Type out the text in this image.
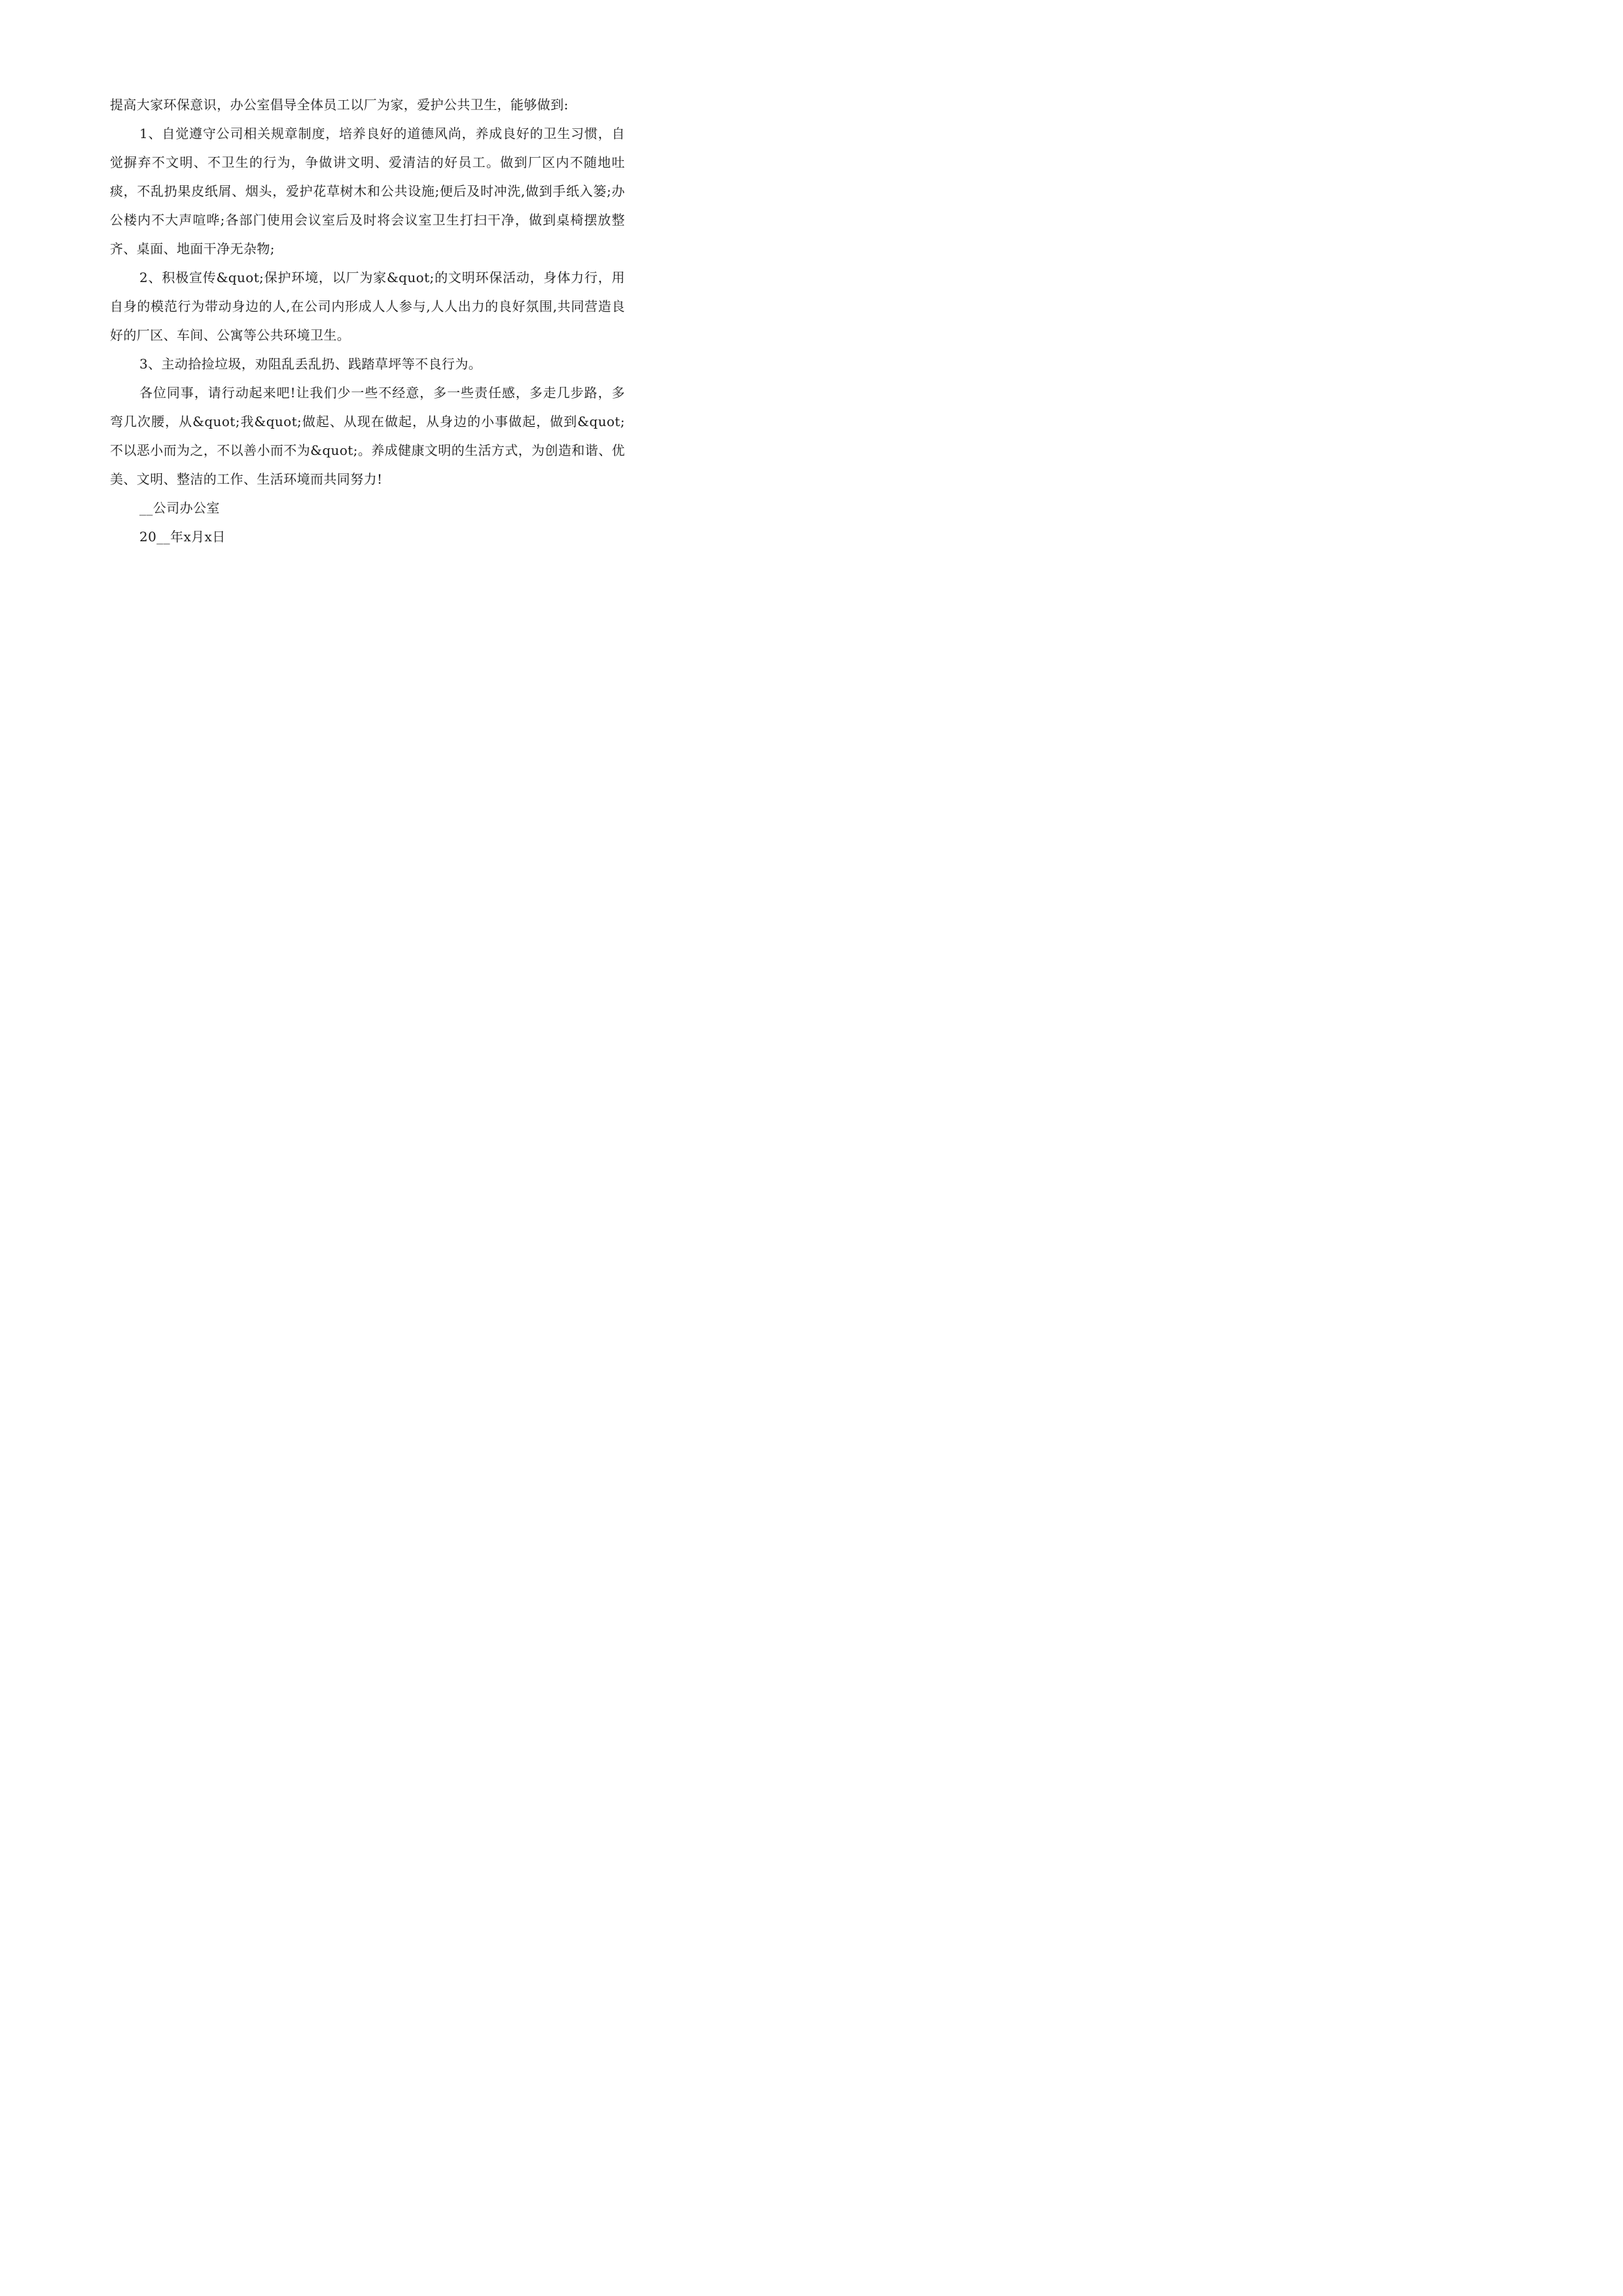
提高大家环保意识，办公室倡导全体员工以厂为家，爱护公共卫生，能够做到:

1、自觉遵守公司相关规章制度，培养良好的道德风尚，养成良好的卫生习惯，自觉摒弃不文明、不卫生的行为，争做讲文明、爱清洁的好员工。做到厂区内不随地吐痰，不乱扔果皮纸屑、烟头，爱护花草树木和公共设施;便后及时冲洗,做到手纸入篓;办公楼内不大声喧哗;各部门使用会议室后及时将会议室卫生打扫干净，做到桌椅摆放整齐、桌面、地面干净无杂物;

2、积极宣传&quot;保护环境，以厂为家&quot;的文明环保活动，身体力行，用自身的模范行为带动身边的人,在公司内形成人人参与,人人出力的良好氛围,共同营造良好的厂区、车间、公寓等公共环境卫生。

3、主动拾捡垃圾，劝阻乱丢乱扔、践踏草坪等不良行为。

各位同事，请行动起来吧!让我们少一些不经意，多一些责任感，多走几步路，多弯几次腰，从&quot;我&quot;做起、从现在做起，从身边的小事做起，做到&quot;不以恶小而为之，不以善小而不为&quot;。养成健康文明的生活方式，为创造和谐、优美、文明、整洁的工作、生活环境而共同努力!

__公司办公室

20__年x月x日
